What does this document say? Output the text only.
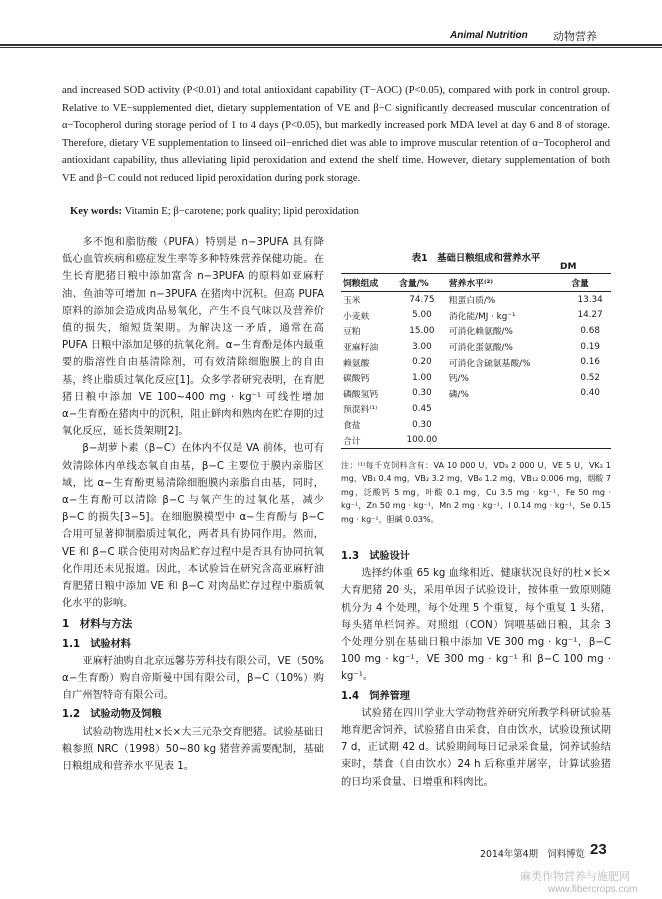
Animal Nutrition 动物营养
and increased SOD activity (P<0.01) and total antioxidant capability (T−AOC) (P<0.05), compared with pork in control group. Relative to VE−supplemented diet, dietary supplementation of VE and β−C significantly decreased muscular concentration of α−Tocopherol during storage period of 1 to 4 days (P<0.05), but markedly increased pork MDA level at day 6 and 8 of storage. Therefore, dietary VE supplementation to linseed oil−enriched diet was able to improve muscular retention of α−Tocopherol and antioxidant capability, thus alleviating lipid peroxidation and extend the shelf time. However, dietary supplementation of both VE and β−C could not reduced lipid peroxidation during pork storage.
Key words: Vitamin E; β−carotene; pork quality; lipid peroxidation

多不饱和脂肪酸（PUFA）特别是 n−3PUFA 具有降低心血管疾病和癌症发生率等多种特殊营养保健功能。在生长育肥猪日粮中添加富含 n−3PUFA 的原料如亚麻籽油、鱼油等可增加 n−3PUFA 在猪肉中沉积。但高 PUFA 原料的添加会造成肉品易氧化，产生不良气味以及营养价值的损失，缩短货架期。为解决这一矛盾，通常在高 PUFA 日粮中添加足够的抗氧化剂。α−生育酚是体内最重要的脂溶性自由基清除剂，可有效清除细胞膜上的自由基，终止脂质过氧化反应[1]。众多学者研究表明，在育肥猪日粮中添加 VE 100~400 mg · kg⁻¹ 可线性增加 α−生育酚在猪肉中的沉积，阻止鲜肉和熟肉在贮存期的过氧化反应，延长货架期[2]。

β−胡萝卜素（β−C）在体内不仅是 VA 前体，也可有效清除体内单线态氧自由基，β−C 主要位于膜内亲脂区域，比 α−生育酚更易清除细胞膜内亲脂自由基，同时，α−生育酚可以清除 β−C 与氧产生的过氧化基，减少 β−C 的损失[3−5]。在细胞膜模型中 α−生育酚与 β−C 合用可显著抑制脂质过氧化，两者具有协同作用。然而，VE 和 β−C 联合使用对肉品贮存过程中是否具有协同抗氧化作用还未见报道。因此，本试验旨在研究含高亚麻籽油育肥猪日粮中添加 VE 和 β−C 对肉品贮存过程中脂质氧化水平的影响。

1　材料与方法
1.1　试验材料

亚麻籽油购自北京远馨芬芳科技有限公司，VE（50% α−生育酚）购自帝斯曼中国有限公司，β−C（10%）购自广州智特奇有限公司。

1.2　试验动物及饲粮

试验动物选用杜×长×大三元杂交育肥猪。试验基础日粮参照 NRC（1998）50~80 kg 猪营养需要配制，基础日粮组成和营养水平见表 1。

表1　基础日粮组成和营养水平
DM
饲粮组成	含量/%	营养水平⁽²⁾	含量
玉米	74.75	粗蛋白质/%	13.34
小麦麸	5.00	消化能/MJ · kg⁻¹	14.27
豆粕	15.00	可消化赖氨酸/%	0.68
亚麻籽油	3.00	可消化蛋氨酸/%	0.19
赖氨酸	0.20	可消化含硫氨基酸/%	0.16
碳酸钙	1.00	钙/%	0.52
磷酸氢钙	0.30	磷/%	0.40
预混料⁽¹⁾	0.45		
食盐	0.30		
合计	100.00		
注：⁽¹⁾每千克饲料含有：VA 10 000 U，VD₃ 2 000 U，VE 5 U，VK₃ 1 mg，VB₁ 0.4 mg，VB₂ 3.2 mg，VB₆ 1.2 mg，VB₁₂ 0.006 mg，烟酸 7 mg，泛酸钙 5 mg，叶酸 0.1 mg，Cu 3.5 mg · kg⁻¹，Fe 50 mg · kg⁻¹，Zn 50 mg · kg⁻¹，Mn 2 mg · kg⁻¹，I 0.14 mg · kg⁻¹，Se 0.15 mg · kg⁻¹，胆碱 0.03%。
1.3　试验设计

选择约体重 65 kg 血缘相近、健康状况良好的杜×长×大育肥猪 20 头，采用单因子试验设计，按体重一致原则随机分为 4 个处理，每个处理 5 个重复，每个重复 1 头猪，每头猪单栏饲养。对照组（CON）饲喂基础日粮，其余 3 个处理分别在基础日粮中添加 VE 300 mg · kg⁻¹，β−C 100 mg · kg⁻¹，VE 300 mg · kg⁻¹ 和 β−C 100 mg · kg⁻¹。

1.4　饲养管理

试验猪在四川学业大学动物营养研究所教学科研试验基地育肥舍饲养，试验猪自由采食，自由饮水，试验设预试期 7 d，正试期 42 d。试验期间每日记录采食量，饲养试验结束时，禁食（自由饮水）24 h 后称重并屠宰，计算试验猪的日均采食量、日增重和料肉比。

2014年第4期　饲料博览 23
麻类作物营养与施肥网
www.fibercrops.com
